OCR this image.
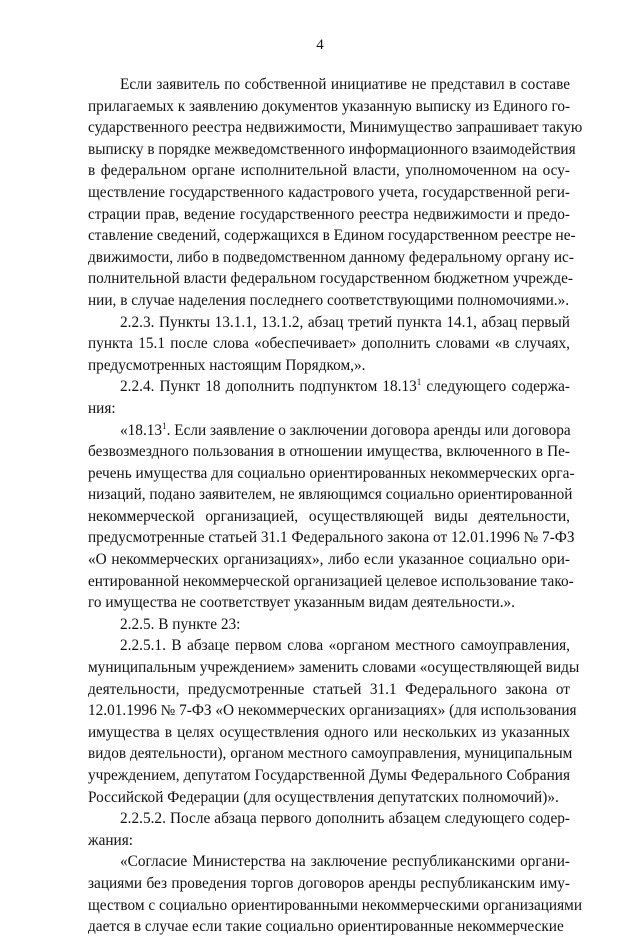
4
Если заявитель по собственной инициативе не представил в составе
прилагаемых к заявлению документов указанную выписку из Единого го-
сударственного реестра недвижимости, Минимущество запрашивает такую
выписку в порядке межведомственного информационного взаимодействия
в федеральном органе исполнительной власти, уполномоченном на осу-
ществление государственного кадастрового учета, государственной реги-
страции прав, ведение государственного реестра недвижимости и предо-
ставление сведений, содержащихся в Едином государственном реестре не-
движимости, либо в подведомственном данному федеральному органу ис-
полнительной власти федеральном государственном бюджетном учрежде-
нии, в случае наделения последнего соответствующими полномочиями.».
2.2.3. Пункты 13.1.1, 13.1.2, абзац третий пункта 14.1, абзац первый
пункта 15.1 после слова «обеспечивает» дополнить словами «в случаях,
предусмотренных настоящим Порядком,».
2.2.4. Пункт 18 дополнить подпунктом 18.13$^1$ следующего содержа-
ния:
«18.13$^1$. Если заявление о заключении договора аренды или договора
безвозмездного пользования в отношении имущества, включенного в Пе-
речень имущества для социально ориентированных некоммерческих орга-
низаций, подано заявителем, не являющимся социально ориентированной
некоммерческой организацией, осуществляющей виды деятельности,
предусмотренные статьей 31.1 Федерального закона от 12.01.1996 № 7-ФЗ
«О некоммерческих организациях», либо если указанное социально ори-
ентированной некоммерческой организацией целевое использование тако-
го имущества не соответствует указанным видам деятельности.».
2.2.5. В пункте 23:
2.2.5.1. В абзаце первом слова «органом местного самоуправления,
муниципальным учреждением» заменить словами «осуществляющей виды
деятельности, предусмотренные статьей 31.1 Федерального закона от
12.01.1996 № 7-ФЗ «О некоммерческих организациях» (для использования
имущества в целях осуществления одного или нескольких из указанных
видов деятельности), органом местного самоуправления, муниципальным
учреждением, депутатом Государственной Думы Федерального Собрания
Российской Федерации (для осуществления депутатских полномочий)».
2.2.5.2. После абзаца первого дополнить абзацем следующего содер-
жания:
«Согласие Министерства на заключение республиканскими органи-
зациями без проведения торгов договоров аренды республиканским иму-
ществом с социально ориентированными некоммерческими организациями
дается в случае если такие социально ориентированные некоммерческие
